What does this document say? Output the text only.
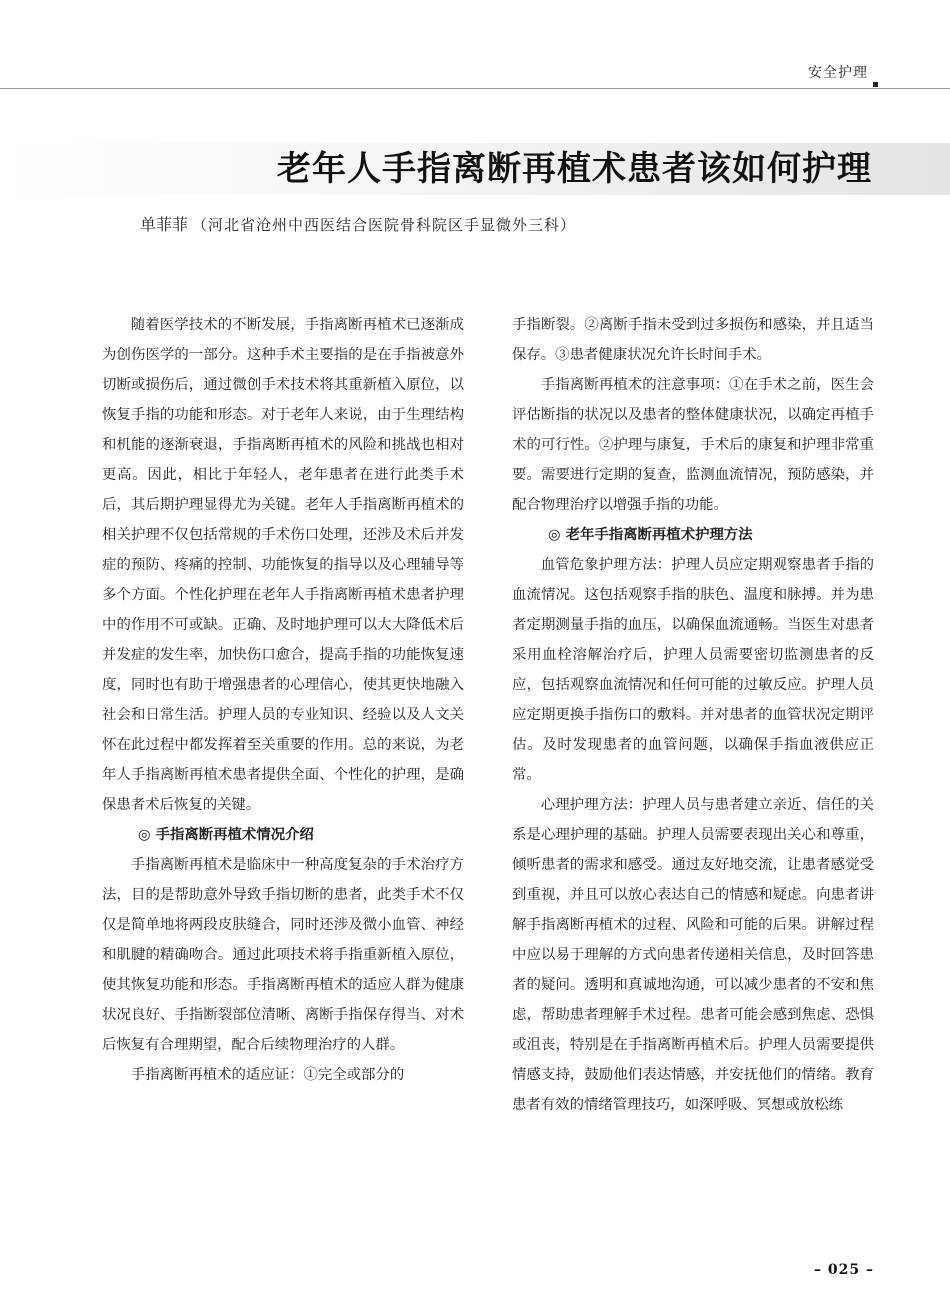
安全护理
老年人手指离断再植术患者该如何护理
单菲菲 （河北省沧州中西医结合医院骨科院区手显微外三科）

随着医学技术的不断发展，手指离断再植术已逐渐成为创伤医学的一部分。这种手术主要指的是在手指被意外切断或损伤后，通过微创手术技术将其重新植入原位，以恢复手指的功能和形态。对于老年人来说，由于生理结构和机能的逐渐衰退，手指离断再植术的风险和挑战也相对更高。因此，相比于年轻人，老年患者在进行此类手术后，其后期护理显得尤为关键。老年人手指离断再植术的相关护理不仅包括常规的手术伤口处理，还涉及术后并发症的预防、疼痛的控制、功能恢复的指导以及心理辅导等多个方面。个性化护理在老年人手指离断再植术患者护理中的作用不可或缺。正确、及时地护理可以大大降低术后并发症的发生率，加快伤口愈合，提高手指的功能恢复速度，同时也有助于增强患者的心理信心，使其更快地融入社会和日常生活。护理人员的专业知识、经验以及人文关怀在此过程中都发挥着至关重要的作用。总的来说，为老年人手指离断再植术患者提供全面、个性化的护理，是确保患者术后恢复的关键。

◎ 手指离断再植术情况介绍

手指离断再植术是临床中一种高度复杂的手术治疗方法，目的是帮助意外导致手指切断的患者，此类手术不仅仅是简单地将两段皮肤缝合，同时还涉及微小血管、神经和肌腱的精确吻合。通过此项技术将手指重新植入原位，使其恢复功能和形态。手指离断再植术的适应人群为健康状况良好、手指断裂部位清晰、离断手指保存得当、对术后恢复有合理期望，配合后续物理治疗的人群。

手指离断再植术的适应证：①完全或部分的

手指断裂。②离断手指未受到过多损伤和感染，并且适当保存。③患者健康状况允许长时间手术。

手指离断再植术的注意事项：①在手术之前，医生会评估断指的状况以及患者的整体健康状况，以确定再植手术的可行性。②护理与康复，手术后的康复和护理非常重要。需要进行定期的复查，监测血流情况，预防感染，并配合物理治疗以增强手指的功能。

◎ 老年手指离断再植术护理方法

血管危象护理方法：护理人员应定期观察患者手指的血流情况。这包括观察手指的肤色、温度和脉搏。并为患者定期测量手指的血压，以确保血流通畅。当医生对患者采用血栓溶解治疗后，护理人员需要密切监测患者的反应，包括观察血流情况和任何可能的过敏反应。护理人员应定期更换手指伤口的敷料。并对患者的血管状况定期评估。及时发现患者的血管问题，以确保手指血液供应正常。

心理护理方法：护理人员与患者建立亲近、信任的关系是心理护理的基础。护理人员需要表现出关心和尊重，倾听患者的需求和感受。通过友好地交流，让患者感觉受到重视，并且可以放心表达自己的情感和疑虑。向患者讲解手指离断再植术的过程、风险和可能的后果。讲解过程中应以易于理解的方式向患者传递相关信息，及时回答患者的疑问。透明和真诚地沟通，可以减少患者的不安和焦虑，帮助患者理解手术过程。患者可能会感到焦虑、恐惧或沮丧，特别是在手指离断再植术后。护理人员需要提供情感支持，鼓励他们表达情感，并安抚他们的情绪。教育患者有效的情绪管理技巧，如深呼吸、冥想或放松练

– 025 –
